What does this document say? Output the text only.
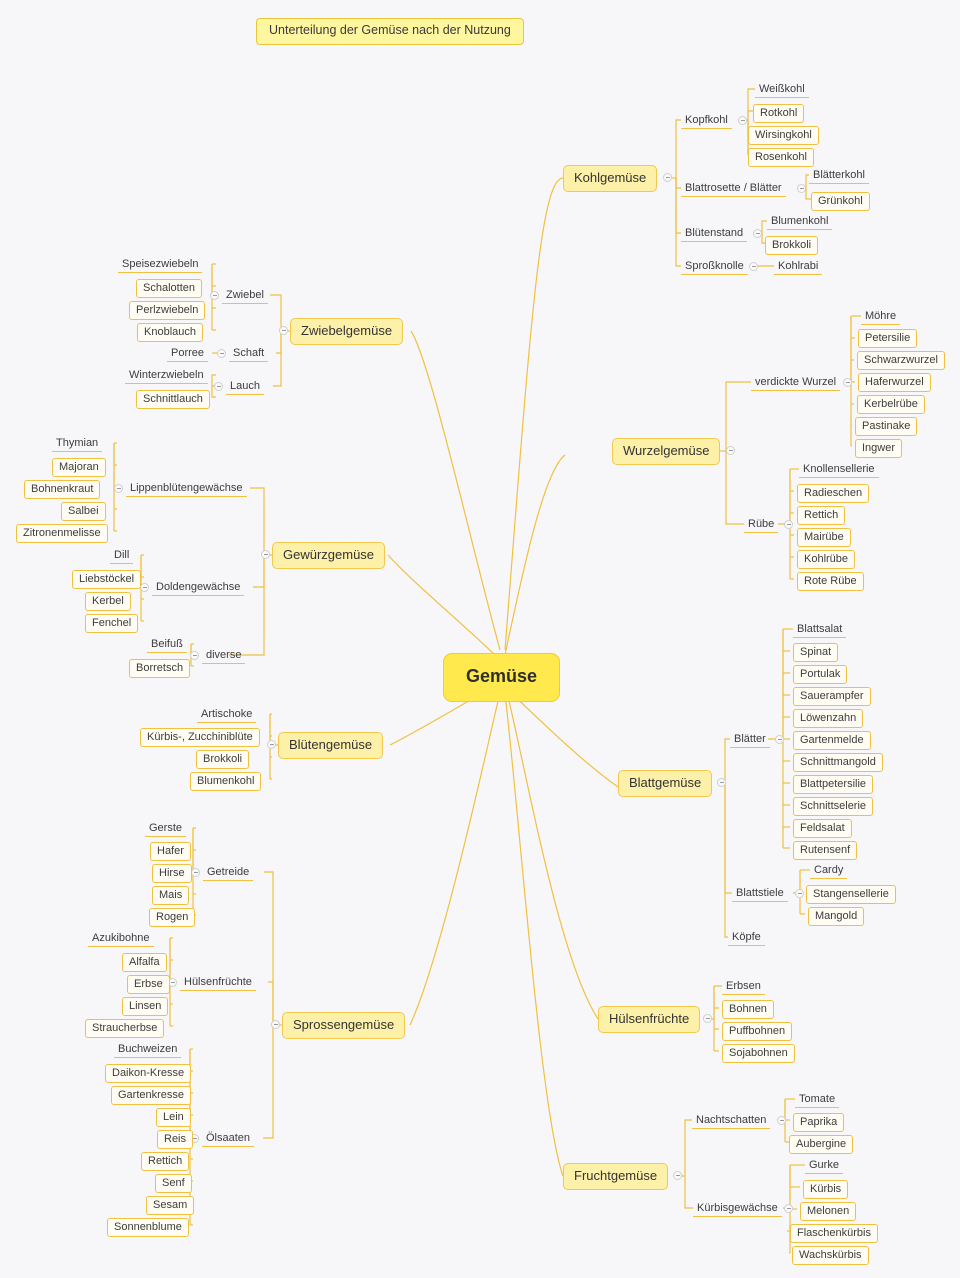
Unterteilung der Gemüse nach der Nutzung
Gemüse
Kohlgemüse
Kopfkohl
Weißkohl
Rotkohl
Wirsingkohl
Rosenkohl
Blattrosette / Blätter
Blätterkohl
Grünkohl
Blütenstand
Blumenkohl
Brokkoli
Sproßknolle	Kohlrabi
Zwiebelgemüse
Zwiebel
Speisezwiebeln
Schalotten
Perlzwiebeln
Knoblauch
Schaft
Porree
Lauch
Winterzwiebeln
Schnittlauch
Wurzelgemüse
verdickte Wurzel
Möhre
Petersilie
Schwarzwurzel
Haferwurzel
Kerbelrübe
Pastinake
Ingwer
Rübe
Knollensellerie
Radieschen
Rettich
Mairübe
Kohlrübe
Rote Rübe
Gewürzgemüse
Lippenblütengewächse
Thymian
Majoran
Bohnenkraut
Salbei
Zitronenmelisse
Doldengewächse
Dill
Liebstöckel
Kerbel
Fenchel
diverse
Beifuß
Borretsch
Blattgemüse
Blätter
Blattsalat
Spinat
Portulak
Sauerampfer
Löwenzahn
Gartenmelde
Schnittmangold
Blattpetersilie
Schnittselerie
Feldsalat
Rutensenf
Blattstiele
Cardy
Stangensellerie
Mangold
Köpfe
Blütengemüse
Artischoke
Kürbis-, Zucchiniblüte
Brokkoli
Blumenkohl
Sprossengemüse
Getreide
Gerste
Hafer
Hirse
Mais
Rogen
Hülsenfrüchte
Azukibohne
Alfalfa
Erbse
Linsen
Straucherbse
Ölsaaten
Buchweizen
Daikon-Kresse
Gartenkresse
Lein
Reis
Rettich
Senf
Sesam
Sonnenblume
Hülsenfrüchte
Erbsen
Bohnen
Puffbohnen
Sojabohnen
Fruchtgemüse
Nachtschatten
Tomate
Paprika
Aubergine
Kürbisgewächse
Gurke
Kürbis
Melonen
Flaschenkürbis
Wachskürbis
